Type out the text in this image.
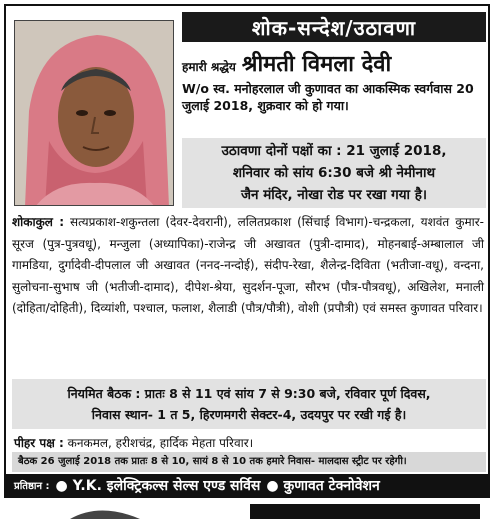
शोक-सन्देश/उठावणा
हमारी श्रद्धेय श्रीमती विमला देवी
W/o स्व. मनोहरलाल जी कुणावत का आकस्मिक स्वर्गवास 20 जुलाई 2018, शुक्रवार को हो गया।
उठावणा दोनों पक्षों का : 21 जुलाई 2018,
शनिवार को सांय 6:30 बजे श्री नेमीनाथ
जैन मंदिर, नोखा रोड पर रखा गया है।
शोकाकुल : सत्यप्रकाश-शकुन्तला (देवर-देवरानी), ललितप्रकाश (सिंचाई विभाग)-चन्द्रकला, यशवंत कुमार-सूरज (पुत्र-पुत्रवधू), मन्जुला (अध्यापिका)-राजेन्द्र जी अखावत (पुत्री-दामाद), मोहनबाई-अम्बालाल जी गामडिया, दुर्गादेवी-दीपलाल जी अखावत (ननद-नन्दोई), संदीप-रेखा, शैलेन्द्र-दिविता (भतीजा-वधू), वन्दना, सुलोचना-सुभाष जी (भतीजी-दामाद), दीपेश-श्रेया, सुदर्शन-पूजा, सौरभ (पौत्र-पौत्रवधू), अखिलेश, मनाली (दोहिता/दोहिती), दिव्यांशी, पश्चाल, फलाश, शैलाडी (पौत्र/पौत्री), वोशी (प्रपौत्री) एवं समस्त कुणावत परिवार।
नियमित बैठक : प्रातः 8 से 11 एवं सांय 7 से 9:30 बजे, रविवार पूर्ण दिवस,
निवास स्थान- 1 त 5, हिरणमगरी सेक्टर-4, उदयपुर पर रखी गई है।
पीहर पक्ष : कनकमल, हरीशचंद्र, हार्दिक मेहता परिवार।
बैठक 26 जुलाई 2018 तक प्रातः 8 से 10, सायं 8 से 10 तक हमारे निवास- मालदास स्ट्रीट पर रहेगी।
प्रतिष्ठान : ● Y.K. इलेक्ट्रिकल्स सेल्स एण्ड सर्विस ● कुणावत टेक्नोवेशन
